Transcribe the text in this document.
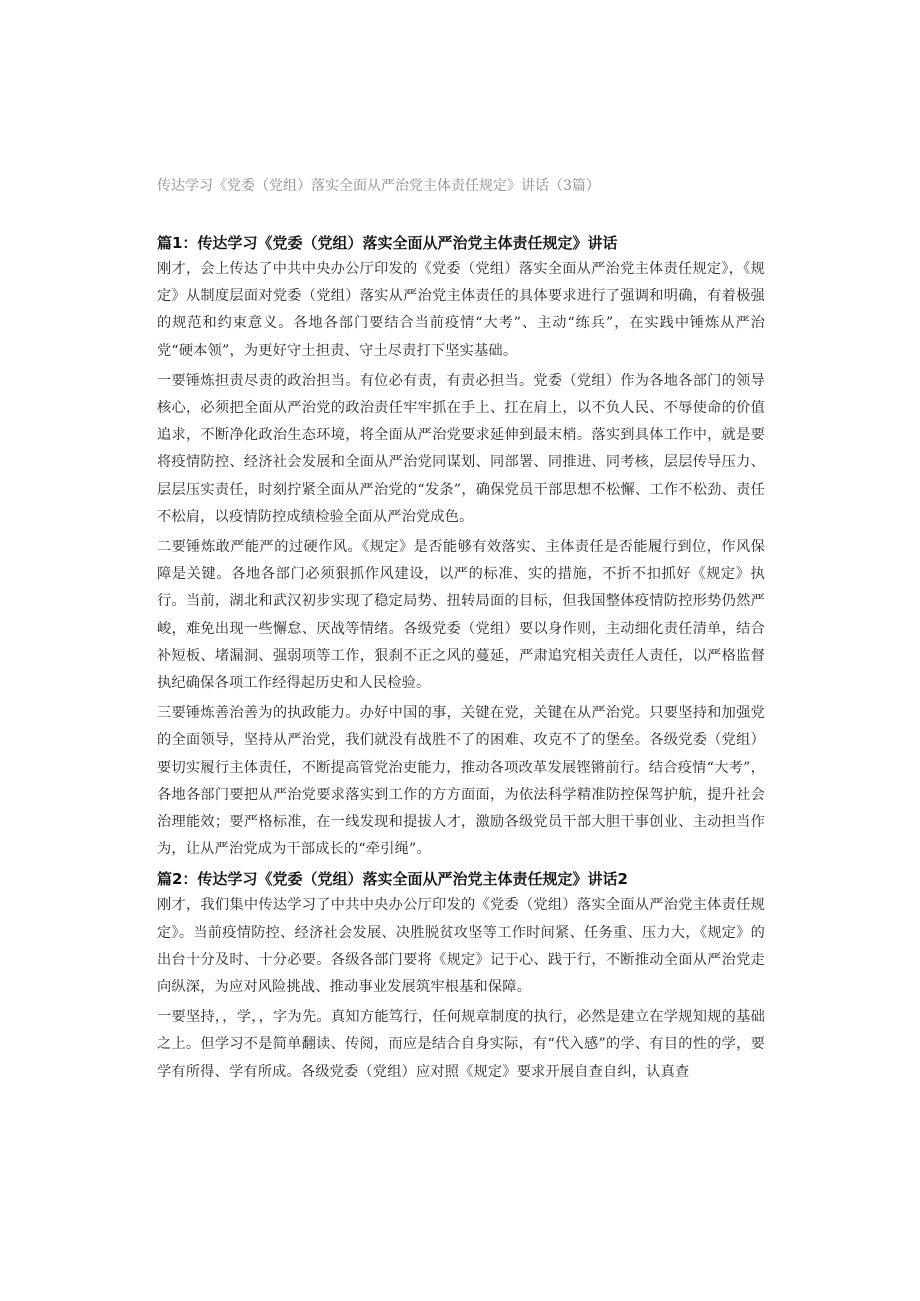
传达学习《党委（党组）落实全面从严治党主体责任规定》讲话（3篇）
篇1：传达学习《党委（党组）落实全面从严治党主体责任规定》讲话

刚才，会上传达了中共中央办公厅印发的《党委（党组）落实全面从严治党主体责任规定》，《规定》从制度层面对党委（党组）落实从严治党主体责任的具体要求进行了强调和明确，有着极强的规范和约束意义。各地各部门要结合当前疫情“大考”、主动“练兵”，在实践中锤炼从严治党“硬本领”，为更好守土担责、守土尽责打下坚实基础。

一要锤炼担责尽责的政治担当。有位必有责，有责必担当。党委（党组）作为各地各部门的领导核心，必须把全面从严治党的政治责任牢牢抓在手上、扛在肩上，以不负人民、不辱使命的价值追求，不断净化政治生态环境，将全面从严治党要求延伸到最末梢。落实到具体工作中，就是要将疫情防控、经济社会发展和全面从严治党同谋划、同部署、同推进、同考核，层层传导压力、层层压实责任，时刻拧紧全面从严治党的“发条”，确保党员干部思想不松懈、工作不松劲、责任不松肩，以疫情防控成绩检验全面从严治党成色。

二要锤炼敢严能严的过硬作风。《规定》是否能够有效落实、主体责任是否能履行到位，作风保障是关键。各地各部门必须狠抓作风建设，以严的标准、实的措施，不折不扣抓好《规定》执行。当前，湖北和武汉初步实现了稳定局势、扭转局面的目标，但我国整体疫情防控形势仍然严峻，难免出现一些懈怠、厌战等情绪。各级党委（党组）要以身作则，主动细化责任清单，结合补短板、堵漏洞、强弱项等工作，狠刹不正之风的蔓延，严肃追究相关责任人责任，以严格监督执纪确保各项工作经得起历史和人民检验。

三要锤炼善治善为的执政能力。办好中国的事，关键在党，关键在从严治党。只要坚持和加强党的全面领导，坚持从严治党，我们就没有战胜不了的困难、攻克不了的堡垒。各级党委（党组）要切实履行主体责任，不断提高管党治吏能力，推动各项改革发展铿锵前行。结合疫情“大考”，各地各部门要把从严治党要求落实到工作的方方面面，为依法科学精准防控保驾护航，提升社会治理能效；要严格标准，在一线发现和提拔人才，激励各级党员干部大胆干事创业、主动担当作为，让从严治党成为干部成长的“牵引绳”。

篇2：传达学习《党委（党组）落实全面从严治党主体责任规定》讲话2

刚才，我们集中传达学习了中共中央办公厅印发的《党委（党组）落实全面从严治党主体责任规定》。当前疫情防控、经济社会发展、决胜脱贫攻坚等工作时间紧、任务重、压力大，《规定》的出台十分及时、十分必要。各级各部门要将《规定》记于心、践于行，不断推动全面从严治党走向纵深，为应对风险挑战、推动事业发展筑牢根基和保障。

一要坚持，，学，，字为先。真知方能笃行，任何规章制度的执行，必然是建立在学规知规的基础之上。但学习不是简单翻读、传阅，而应是结合自身实际，有“代入感”的学、有目的性的学，要学有所得、学有所成。各级党委（党组）应对照《规定》要求开展自查自纠，认真查
